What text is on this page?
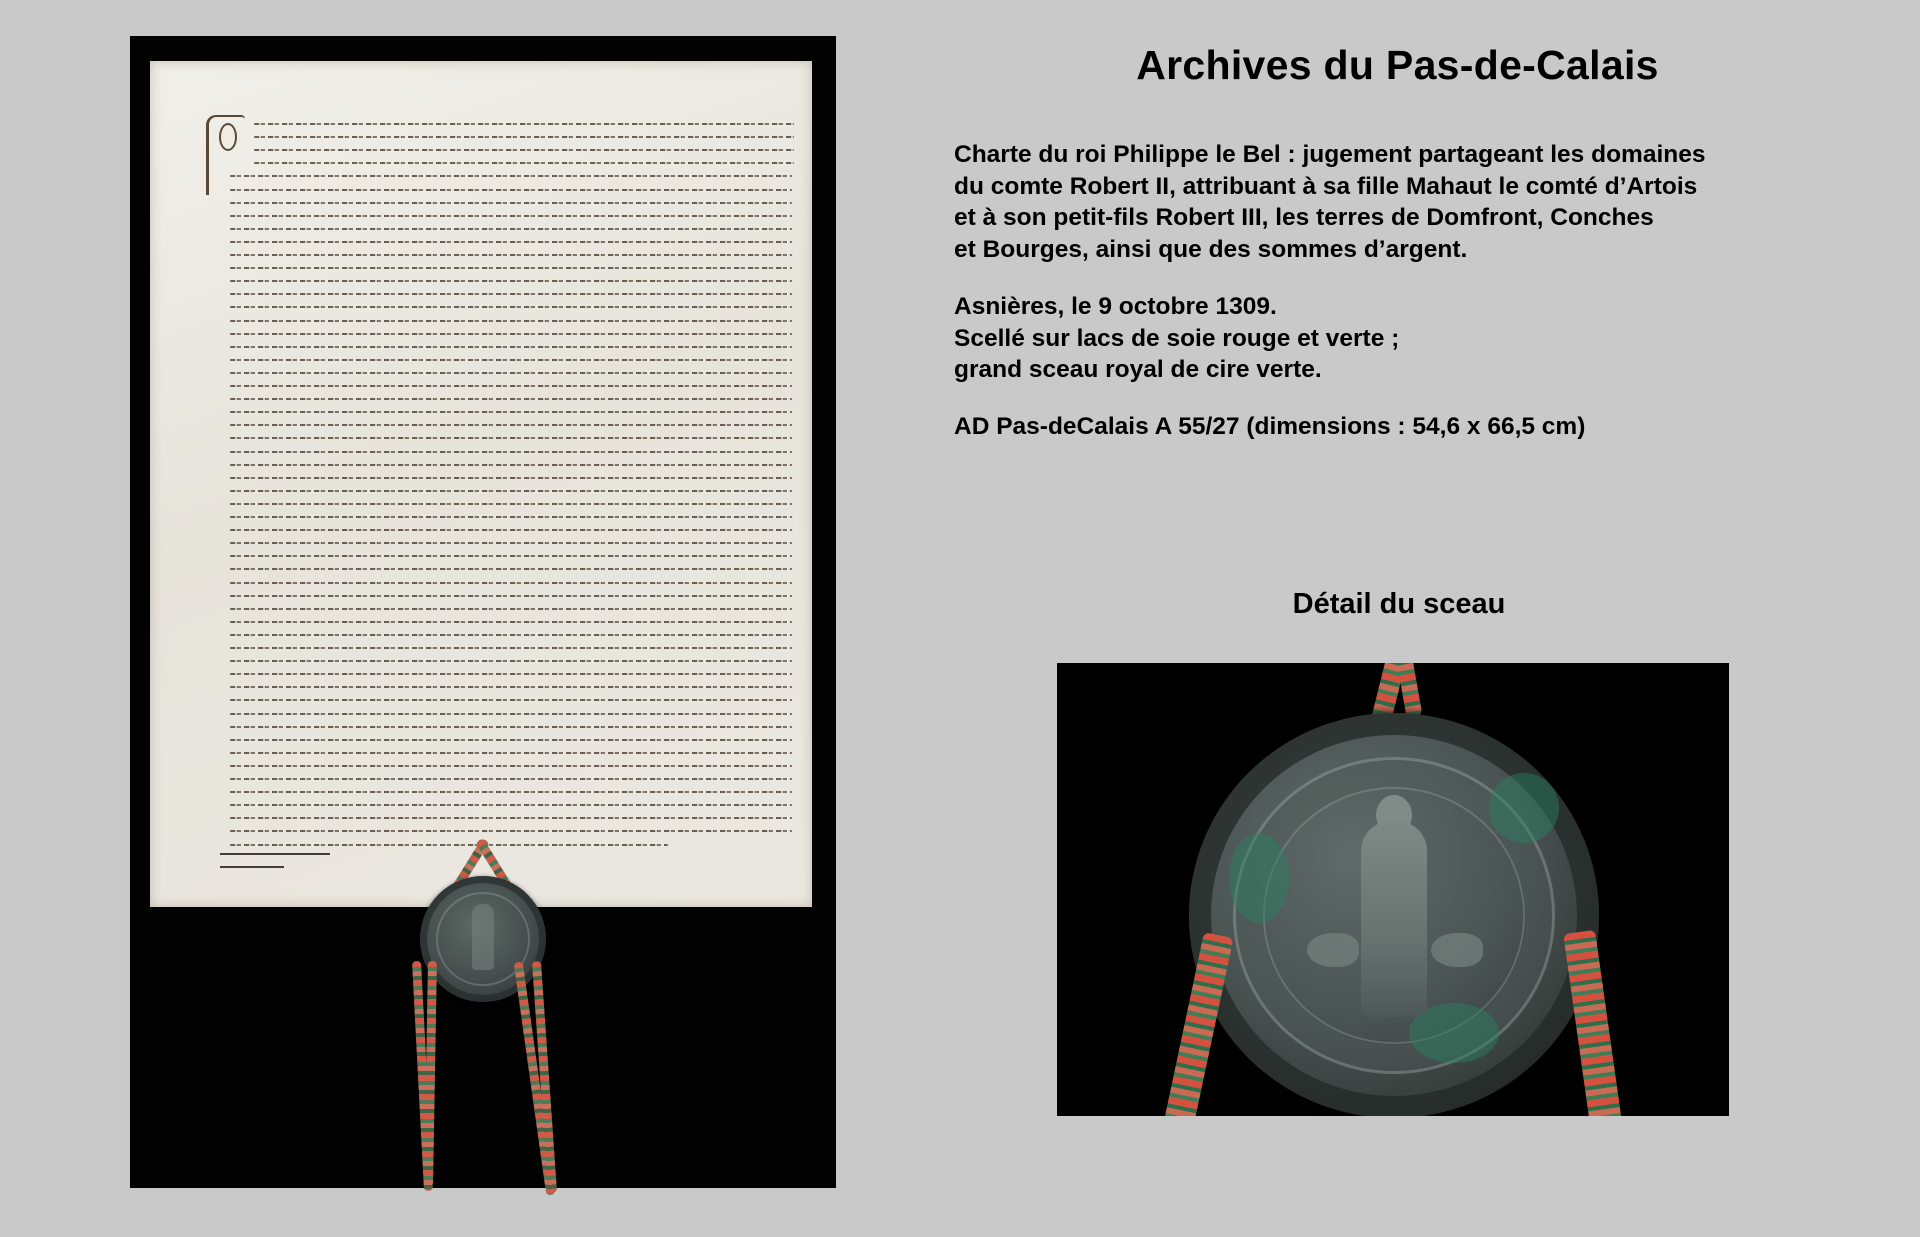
Archives du Pas-de-Calais

Charte du roi Philippe le Bel : jugement partageant les domaines

du comte Robert II, attribuant à sa fille Mahaut le comté d’Artois

et à son petit-fils Robert III, les terres de Domfront, Conches

et Bourges, ainsi que des sommes d’argent.

Asnières, le 9 octobre 1309.

Scellé sur lacs de soie rouge et verte ;

grand sceau royal de cire verte.

AD Pas-deCalais A 55/27 (dimensions : 54,6 x 66,5 cm)

Détail du sceau
